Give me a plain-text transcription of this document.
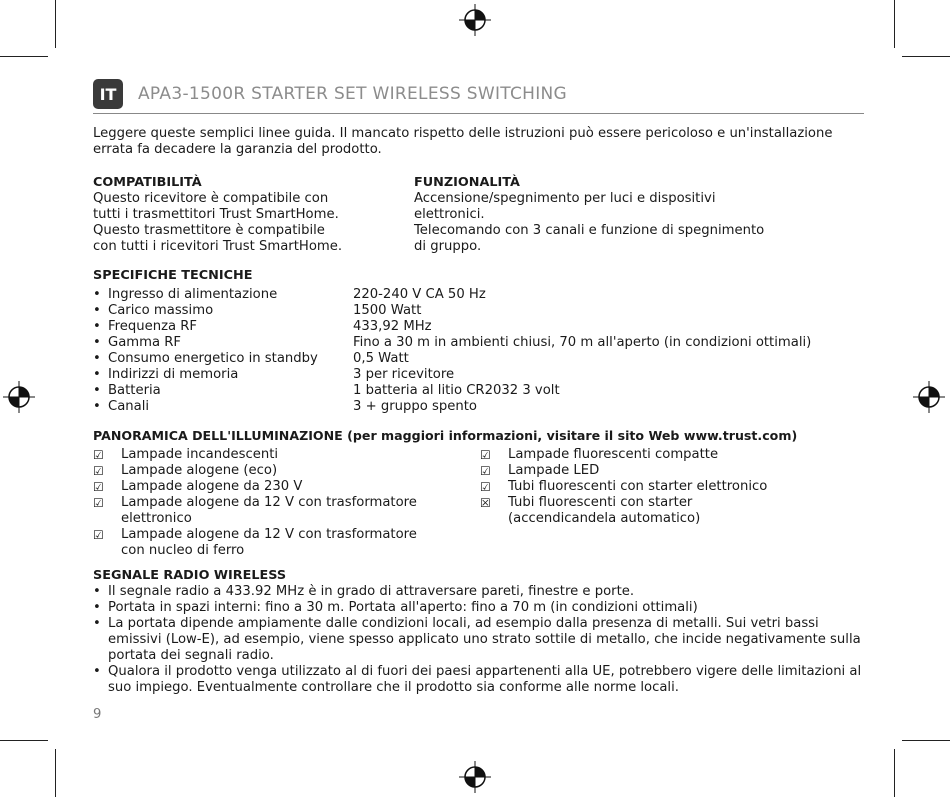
IT	APA3-1500R STARTER SET WIRELESS SWITCHING
Leggere queste semplici linee guida. Il mancato rispetto delle istruzioni può essere pericoloso e un'installazione errata fa decadere la garanzia del prodotto.
COMPATIBILITÀ
Questo ricevitore è compatibile con
tutti i trasmettitori Trust SmartHome.
Questo trasmettitore è compatibile
con tutti i ricevitori Trust SmartHome.
FUNZIONALITÀ
Accensione/spegnimento per luci e dispositivi
elettronici.
Telecomando con 3 canali e funzione di spegnimento
di gruppo.
SPECIFICHE TECNICHE
• Ingresso di alimentazione	220-240 V CA 50 Hz
• Carico massimo	1500 Watt
• Frequenza RF	433,92 MHz
• Gamma RF	Fino a 30 m in ambienti chiusi, 70 m all'aperto (in condizioni ottimali)
• Consumo energetico in standby	0,5 Watt
• Indirizzi di memoria	3 per ricevitore
• Batteria	1 batteria al litio CR2032 3 volt
• Canali	3 + gruppo spento
PANORAMICA DELL'ILLUMINAZIONE (per maggiori informazioni, visitare il sito Web www.trust.com)
☑	Lampade incandescenti
☑	Lampade alogene (eco)
☑	Lampade alogene da 230 V
☑	Lampade alogene da 12 V con trasformatore
elettronico
☑	Lampade alogene da 12 V con trasformatore
con nucleo di ferro
☑	Lampade fluorescenti compatte
☑	Lampade LED
☑	Tubi fluorescenti con starter elettronico
☒	Tubi fluorescenti con starter
(accendicandela automatico)
SEGNALE RADIO WIRELESS
• Il segnale radio a 433.92 MHz è in grado di attraversare pareti, finestre e porte.
• Portata in spazi interni: fino a 30 m. Portata all'aperto: fino a 70 m (in condizioni ottimali)
• La portata dipende ampiamente dalle condizioni locali, ad esempio dalla presenza di metalli. Sui vetri bassi emissivi (Low-E), ad esempio, viene spesso applicato uno strato sottile di metallo, che incide negativamente sulla portata dei segnali radio.
• Qualora il prodotto venga utilizzato al di fuori dei paesi appartenenti alla UE, potrebbero vigere delle limitazioni al suo impiego. Eventualmente controllare che il prodotto sia conforme alle norme locali.
9
